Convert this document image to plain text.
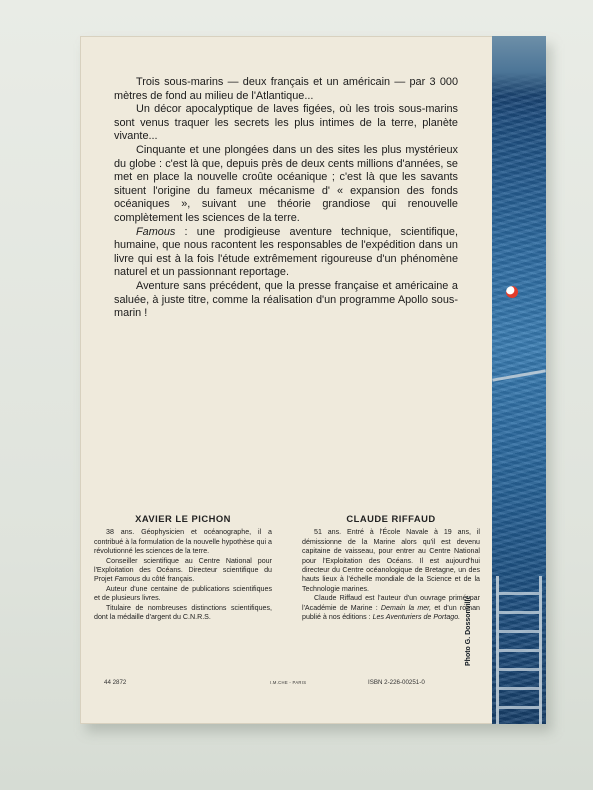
Trois sous-marins — deux français et un américain — par 3 000 mètres de fond au milieu de l'Atlantique...

Un décor apocalyptique de laves figées, où les trois sous-marins sont venus traquer les secrets les plus intimes de la terre, planète vivante...

Cinquante et une plongées dans un des sites les plus mystérieux du globe : c'est là que, depuis près de deux cents millions d'années, se met en place la nouvelle croûte océanique ; c'est là que les savants situent l'origine du fameux mécanisme d' « expansion des fonds océaniques », suivant une théorie grandiose qui renouvelle complètement les sciences de la terre.

Famous : une prodigieuse aventure technique, scientifique, humaine, que nous racontent les responsables de l'expédition dans un livre qui est à la fois l'étude extrêmement rigoureuse d'un phénomène naturel et un passionnant reportage.

Aventure sans précédent, que la presse française et américaine a saluée, à juste titre, comme la réalisation d'un programme Apollo sous-marin !

XAVIER LE PICHON

38 ans. Géophysicien et océanographe, il a contribué à la formulation de la nouvelle hypothèse qui a révolutionné les sciences de la terre.

Conseiller scientifique au Centre National pour l'Exploitation des Océans. Directeur scientifique du Projet Famous du côté français.

Auteur d'une centaine de publications scientifiques et de plusieurs livres.

Titulaire de nombreuses distinctions scientifiques, dont la médaille d'argent du C.N.R.S.

CLAUDE RIFFAUD

51 ans. Entré à l'École Navale à 19 ans, il démissionne de la Marine alors qu'il est devenu capitaine de vaisseau, pour entrer au Centre National pour l'Exploitation des Océans. Il est aujourd'hui directeur du Centre océanologique de Bretagne, un des hauts lieux à l'échelle mondiale de la Science et de la Technologie marines.

Claude Riffaud est l'auteur d'un ouvrage primé par l'Académie de Marine : Demain la mer, et d'un roman publié à nos éditions : Les Aventuriers de Portago.

44 2872	I.M.CHE - PARIS	ISBN 2-226-00251-0
Photo G. Dossonville
